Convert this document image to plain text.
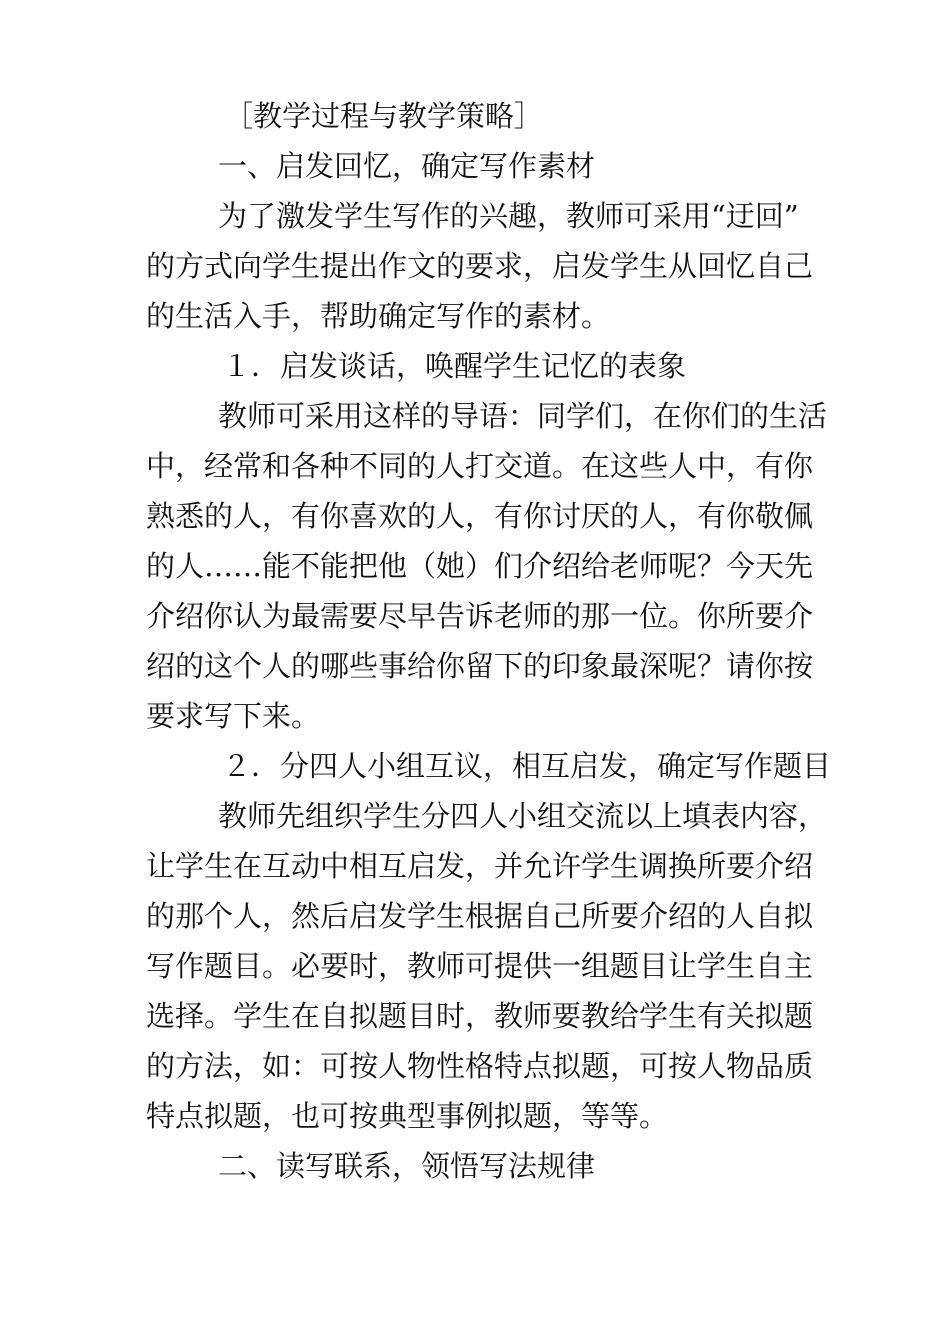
［教学过程与教学策略］
一、启发回忆，确定写作素材
为了激发学生写作的兴趣，教师可采用“迂回”
的方式向学生提出作文的要求，启发学生从回忆自己
的生活入手，帮助确定写作的素材。
１．启发谈话，唤醒学生记忆的表象
教师可采用这样的导语：同学们，在你们的生活
中，经常和各种不同的人打交道。在这些人中，有你
熟悉的人，有你喜欢的人，有你讨厌的人，有你敬佩
的人……能不能把他（她）们介绍给老师呢？今天先
介绍你认为最需要尽早告诉老师的那一位。你所要介
绍的这个人的哪些事给你留下的印象最深呢？请你按
要求写下来。
２．分四人小组互议，相互启发，确定写作题目
教师先组织学生分四人小组交流以上填表内容，
让学生在互动中相互启发，并允许学生调换所要介绍
的那个人，然后启发学生根据自己所要介绍的人自拟
写作题目。必要时，教师可提供一组题目让学生自主
选择。学生在自拟题目时，教师要教给学生有关拟题
的方法，如：可按人物性格特点拟题，可按人物品质
特点拟题，也可按典型事例拟题，等等。
二、读写联系，领悟写法规律
